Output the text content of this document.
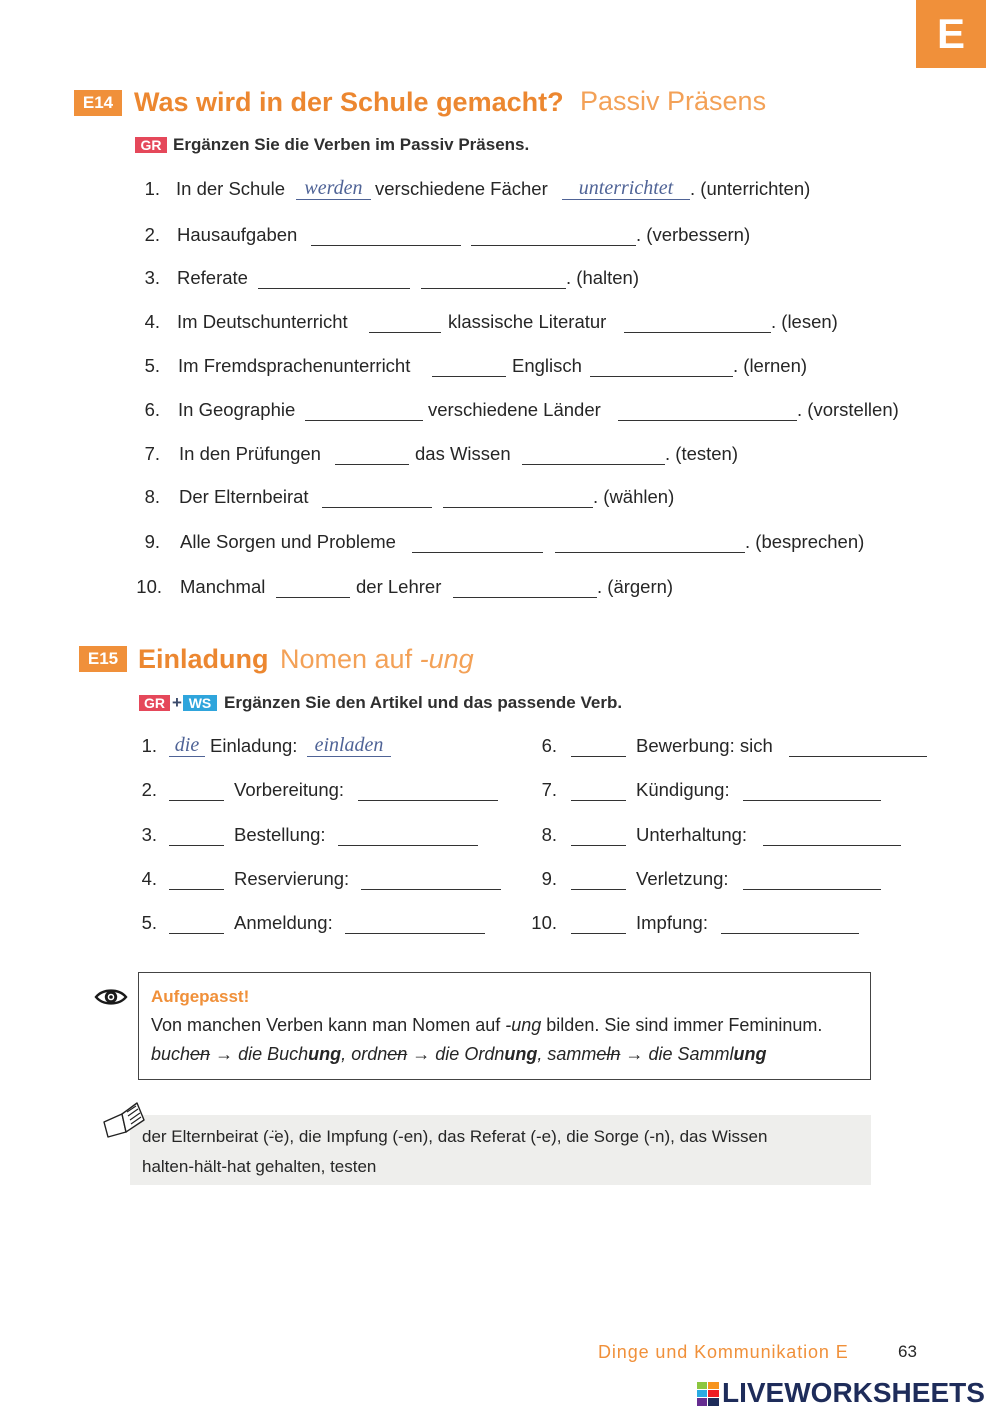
E
E14 Was wird in der Schule gemacht? Passiv Präsens
GR Ergänzen Sie die Verben im Passiv Präsens.
1. In der Schule werden verschiedene Fächer	unterrichtet . (unterrichten)
2. Hausaufgaben	. (verbessern)
3. Referate	. (halten)
4. Im Deutschunterricht	klassische Literatur	. (lesen)
5. Im Fremdsprachenunterricht	Englisch	. (lernen)
6. In Geographie	verschiedene Länder	. (vorstellen)
7. In den Prüfungen	das Wissen	. (testen)
8. Der Elternbeirat	. (wählen)
9. Alle Sorgen und Probleme	. (besprechen)
10. Manchmal	der Lehrer	. (ärgern)
E15 Einladung Nomen auf -ung
GR + WS Ergänzen Sie den Artikel und das passende Verb.
1. die Einladung: einladen
2.	Vorbereitung:
3.	Bestellung:
4.	Reservierung:
5.	Anmeldung:
6.	Bewerbung: sich
7.	Kündigung:
8.	Unterhaltung:
9.	Verletzung:
10.	Impfung:
Aufgepasst!
Von manchen Verben kann man Nomen auf -ung bilden. Sie sind immer Femininum.
buchen → die Buchung, ordnen → die Ordnung, sammeln → die Sammlung
der Elternbeirat (-̈e), die Impfung (-en), das Referat (-e), die Sorge (-n), das Wissen
halten-hält-hat gehalten, testen
Dinge und Kommunikation E	63
LIVEWORKSHEETS
